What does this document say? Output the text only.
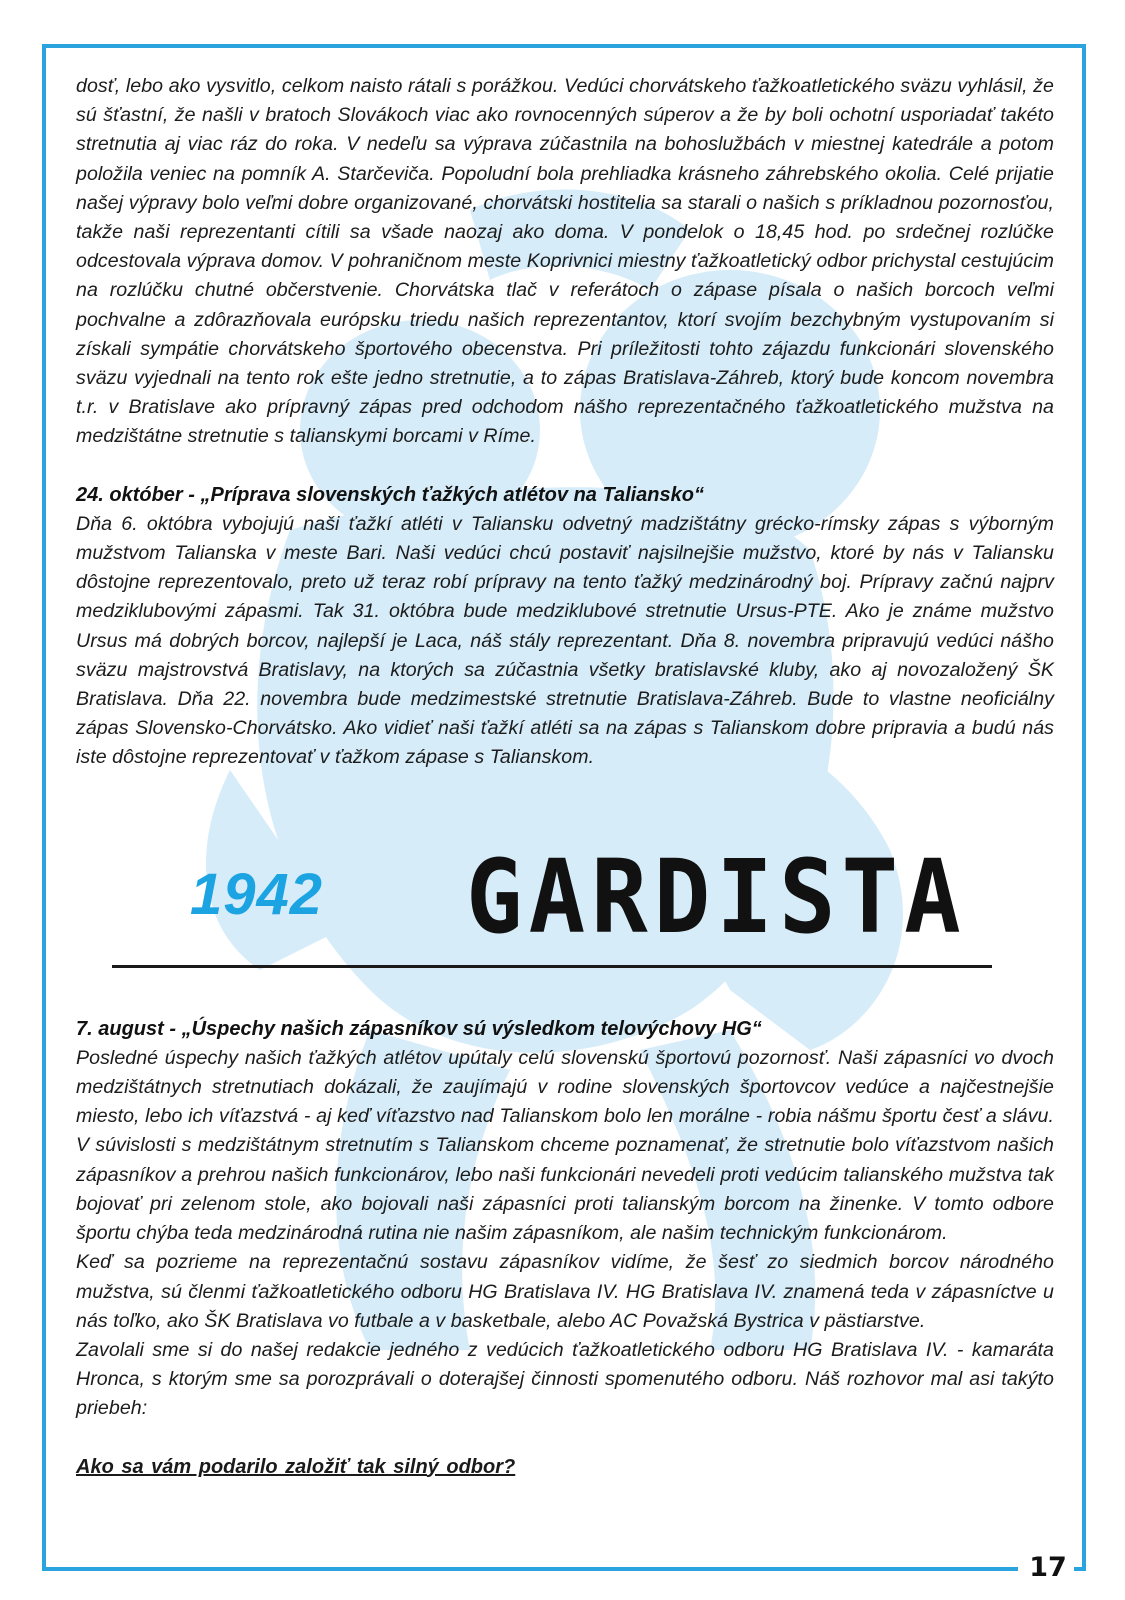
dosť, lebo ako vysvitlo, celkom naisto rátali s porážkou. Vedúci chorvátskeho ťažkoatletického sväzu vyhlásil, že sú šťastní, že našli v bratoch Slovákoch viac ako rovnocenných súperov a že by boli ochotní usporiadať takéto stretnutia aj viac ráz do roka. V nedeľu sa výprava zúčastnila na bohoslužbách v miestnej katedrále a potom položila veniec na pomník A. Starčeviča. Popoludní bola prehliadka krásneho záhrebského okolia. Celé prijatie našej výpravy bolo veľmi dobre organizované, chorvátski hostitelia sa starali o našich s príkladnou pozornosťou, takže naši reprezentanti cítili sa všade naozaj ako doma. V pondelok o 18,45 hod. po srdečnej rozlúčke odcestovala výprava domov. V pohraničnom meste Koprivnici miestny ťažkoatletický odbor prichystal cestujúcim na rozlúčku chutné občerstvenie. Chorvátska tlač v referátoch o zápase písala o našich borcoch veľmi pochvalne a zdôrazňovala európsku triedu našich reprezentantov, ktorí svojím bezchybným vystupovaním si získali sympátie chorvátskeho športového obecenstva. Pri príležitosti tohto zájazdu funkcionári slovenského sväzu vyjednali na tento rok ešte jedno stretnutie, a to zápas Bratislava-Záhreb, ktorý bude koncom novembra t.r. v Bratislave ako prípravný zápas pred odchodom nášho reprezentačného ťažkoatletického mužstva na medzištátne stretnutie s talianskymi borcami v Ríme.

24. október - „Príprava slovenských ťažkých atlétov na Taliansko“

Dňa 6. októbra vybojujú naši ťažkí atléti v Taliansku odvetný madzištátny grécko-rímsky zápas s výborným mužstvom Talianska v meste Bari. Naši vedúci chcú postaviť najsilnejšie mužstvo, ktoré by nás v Taliansku dôstojne reprezentovalo, preto už teraz robí prípravy na tento ťažký medzinárodný boj. Prípravy začnú najprv medziklubovými zápasmi. Tak 31. októbra bude medziklubové stretnutie Ursus-PTE. Ako je známe mužstvo Ursus má dobrých borcov, najlepší je Laca, náš stály reprezentant. Dňa 8. novembra pripravujú vedúci nášho sväzu majstrovstvá Bratislavy, na ktorých sa zúčastnia všetky bratislavské kluby, ako aj novozaložený ŠK Bratislava. Dňa 22. novembra bude medzimestské stretnutie Bratislava-Záhreb. Bude to vlastne neoficiálny zápas Slovensko-Chorvátsko. Ako vidieť naši ťažkí atléti sa na zápas s Talianskom dobre pripravia a budú nás iste dôstojne reprezentovať v ťažkom zápase s Talianskom.

1942 GARDISTA
7. august - „Úspechy našich zápasníkov sú výsledkom telovýchovy HG“

Posledné úspechy našich ťažkých atlétov upútaly celú slovenskú športovú pozornosť. Naši zápasníci vo dvoch medzištátnych stretnutiach dokázali, že zaujímajú v rodine slovenských športovcov vedúce a najčestnejšie miesto, lebo ich víťazstvá - aj keď víťazstvo nad Talianskom bolo len morálne - robia nášmu športu česť a slávu. V súvislosti s medzištátnym stretnutím s Talianskom chceme poznamenať, že stretnutie bolo víťazstvom našich zápasníkov a prehrou našich funkcionárov, lebo naši funkcionári nevedeli proti vedúcim talianského mužstva tak bojovať pri zelenom stole, ako bojovali naši zápasníci proti talianským borcom na žinenke. V tomto odbore športu chýba teda medzinárodná rutina nie našim zápasníkom, ale našim technickým funkcionárom.

Keď sa pozrieme na reprezentačnú sostavu zápasníkov vidíme, že šesť zo siedmich borcov národného mužstva, sú členmi ťažkoatletického odboru HG Bratislava IV. HG Bratislava IV. znamená teda v zápasníctve u nás toľko, ako ŠK Bratislava vo futbale a v basketbale, alebo AC Považská Bystrica v pästiarstve.

Zavolali sme si do našej redakcie jedného z vedúcich ťažkoatletického odboru HG Bratislava IV. - kamaráta Hronca, s ktorým sme sa porozprávali o doterajšej činnosti spomenutého odboru. Náš rozhovor mal asi takýto priebeh:

Ako sa vám podarilo založiť tak silný odbor?
17
